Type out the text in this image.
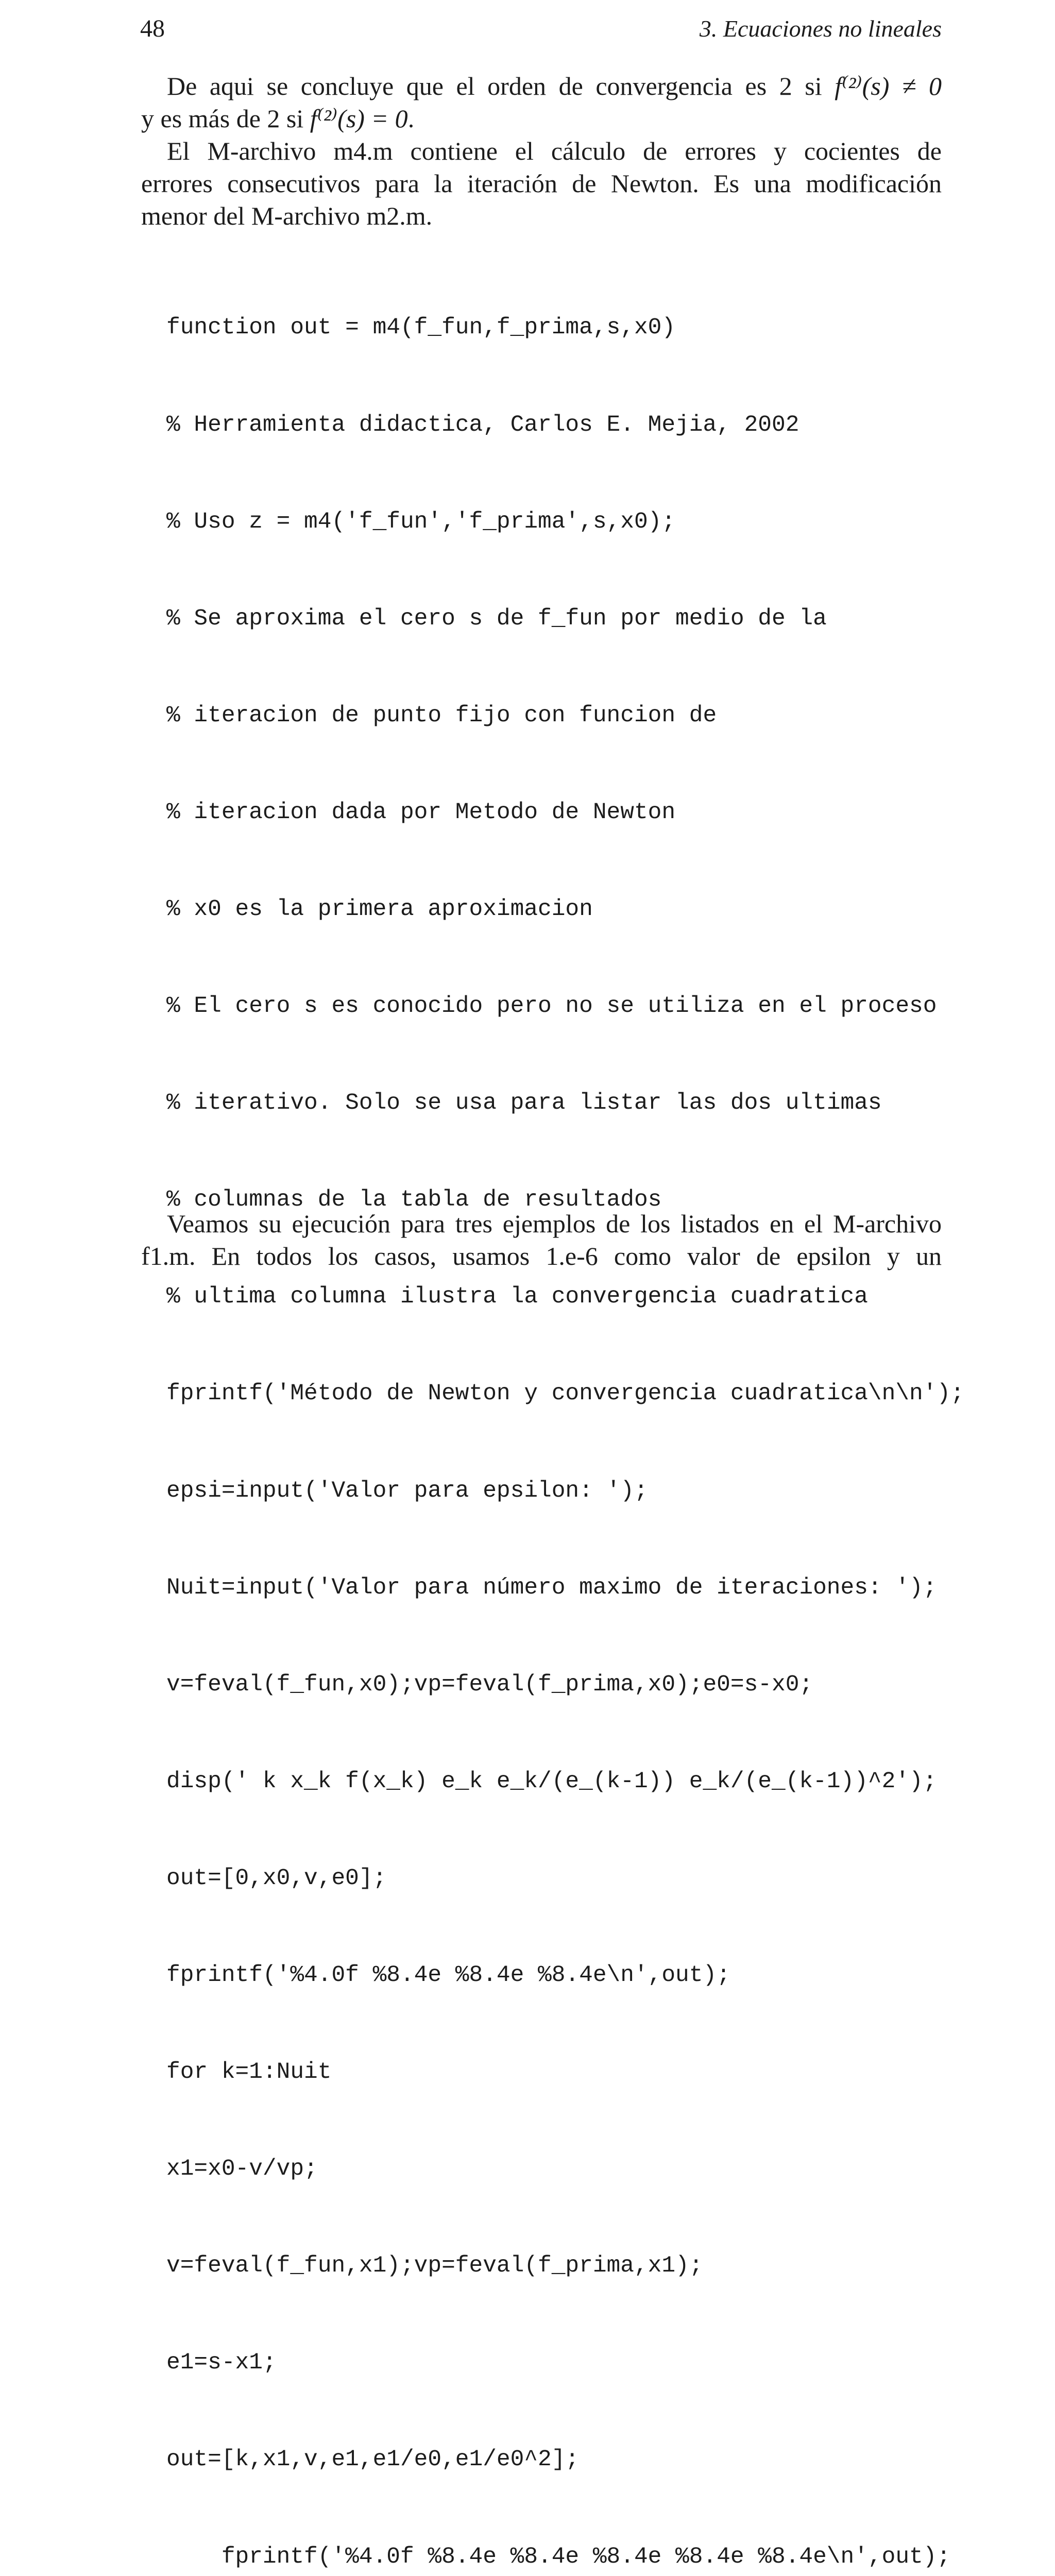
48	3. Ecuaciones no lineales

De aqui se concluye que el orden de convergencia es 2 si f⁽²⁾(s) ≠ 0
y es más de 2 si f⁽²⁾(s) = 0.

El M-archivo m4.m contiene el cálculo de errores y cocientes de
errores consecutivos para la iteración de Newton. Es una modificación
menor del M-archivo m2.m.

function out = m4(f_fun,f_prima,s,x0)

% Herramienta didactica, Carlos E. Mejia, 2002

% Uso z = m4('f_fun','f_prima',s,x0);

% Se aproxima el cero s de f_fun por medio de la

% iteracion de punto fijo con funcion de

% iteracion dada por Metodo de Newton

% x0 es la primera aproximacion

% El cero s es conocido pero no se utiliza en el proceso

% iterativo. Solo se usa para listar las dos ultimas

% columnas de la tabla de resultados

% ultima columna ilustra la convergencia cuadratica

fprintf('Método de Newton y convergencia cuadratica\n\n');

epsi=input('Valor para epsilon: ');

Nuit=input('Valor para número maximo de iteraciones: ');

v=feval(f_fun,x0);vp=feval(f_prima,x0);e0=s-x0;

disp(' k x_k f(x_k) e_k e_k/(e_(k-1)) e_k/(e_(k-1))^2');

out=[0,x0,v,e0];

fprintf('%4.0f %8.4e %8.4e %8.4e\n',out);

for k=1:Nuit

x1=x0-v/vp;

v=feval(f_fun,x1);vp=feval(f_prima,x1);

e1=s-x1;

out=[k,x1,v,e1,e1/e0,e1/e0^2];

fprintf('%4.0f %8.4e %8.4e %8.4e %8.4e %8.4e\n',out);

Veamos su ejecución para tres ejemplos de los listados en el M-archivo
f1.m. En todos los casos, usamos 1.e-6 como valor de epsilon y un
